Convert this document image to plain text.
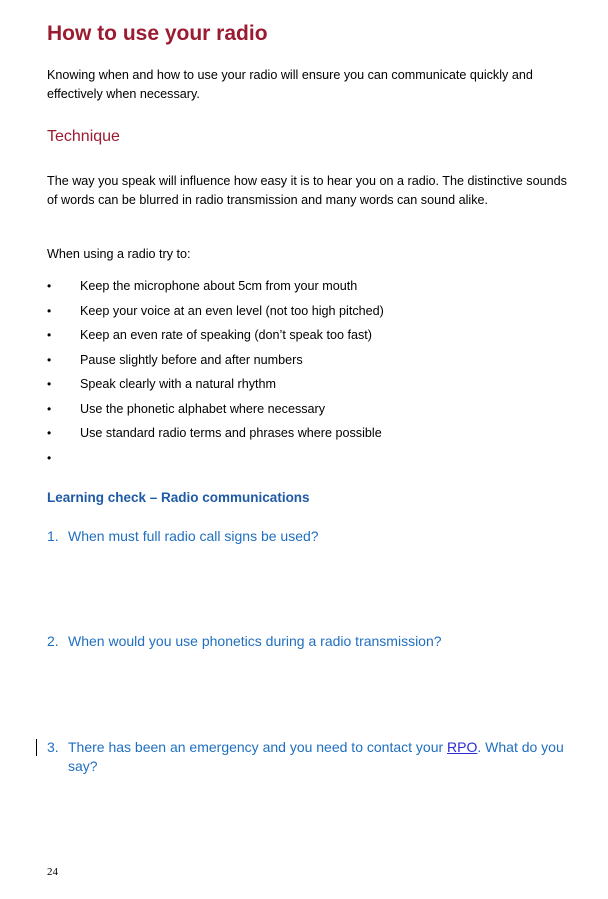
How to use your radio

Knowing when and how to use your radio will ensure you can communicate quickly and effectively when necessary.

Technique

The way you speak will influence how easy it is to hear you on a radio. The distinctive sounds of words can be blurred in radio transmission and many words can sound alike.

When using a radio try to:

•	Keep the microphone about 5cm from your mouth
•	Keep your voice at an even level (not too high pitched)
•	Keep an even rate of speaking (don’t speak too fast)
•	Pause slightly before and after numbers
•	Speak clearly with a natural rhythm
•	Use the phonetic alphabet where necessary
•	Use standard radio terms and phrases where possible
•
Learning check – Radio communications
1. When must full radio call signs be used?
2. When would you use phonetics during a radio transmission?
3. There has been an emergency and you need to contact your RPO. What do you say?

24
